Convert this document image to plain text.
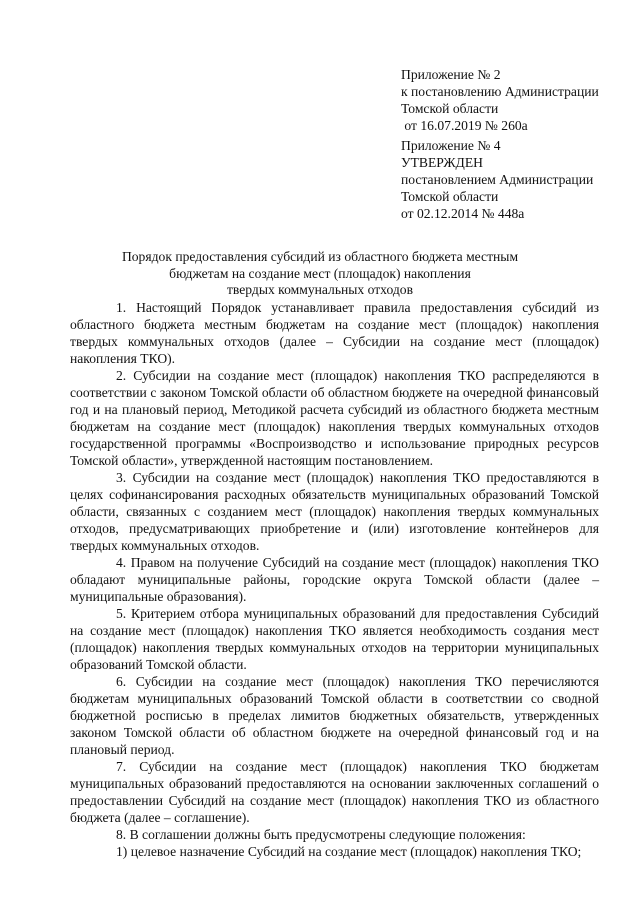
Приложение № 2
к постановлению Администрации
Томской области
от 16.07.2019 № 260а
Приложение № 4
УТВЕРЖДЕН
постановлением Администрации
Томской области
от 02.12.2014 № 448а
Порядок предоставления субсидий из областного бюджета местным
бюджетам на создание мест (площадок) накопления
твердых коммунальных отходов

1. Настоящий Порядок устанавливает правила предоставления субсидий из областного бюджета местным бюджетам на создание мест (площадок) накопления твердых коммунальных отходов (далее – Субсидии на создание мест (площадок) накопления ТКО).

2. Субсидии на создание мест (площадок) накопления ТКО распределяются в соответствии с законом Томской области об областном бюджете на очередной финансовый год и на плановый период, Методикой расчета субсидий из областного бюджета местным бюджетам на создание мест (площадок) накопления твердых коммунальных отходов государственной программы «Воспроизводство и использование природных ресурсов Томской области», утвержденной настоящим постановлением.

3. Субсидии на создание мест (площадок) накопления ТКО предоставляются в целях софинансирования расходных обязательств муниципальных образований Томской области, связанных с созданием мест (площадок) накопления твердых коммунальных отходов, предусматривающих приобретение и (или) изготовление контейнеров для твердых коммунальных отходов.

4. Правом на получение Субсидий на создание мест (площадок) накопления ТКО обладают муниципальные районы, городские округа Томской области (далее – муниципальные образования).

5. Критерием отбора муниципальных образований для предоставления Субсидий на создание мест (площадок) накопления ТКО является необходимость создания мест (площадок) накопления твердых коммунальных отходов на территории муниципальных образований Томской области.

6. Субсидии на создание мест (площадок) накопления ТКО перечисляются бюджетам муниципальных образований Томской области в соответствии со сводной бюджетной росписью в пределах лимитов бюджетных обязательств, утвержденных законом Томской области об областном бюджете на очередной финансовый год и на плановый период.

7. Субсидии на создание мест (площадок) накопления ТКО бюджетам муниципальных образований предоставляются на основании заключенных соглашений о предоставлении Субсидий на создание мест (площадок) накопления ТКО из областного бюджета (далее – соглашение).

8. В соглашении должны быть предусмотрены следующие положения:

1) целевое назначение Субсидий на создание мест (площадок) накопления ТКО;
